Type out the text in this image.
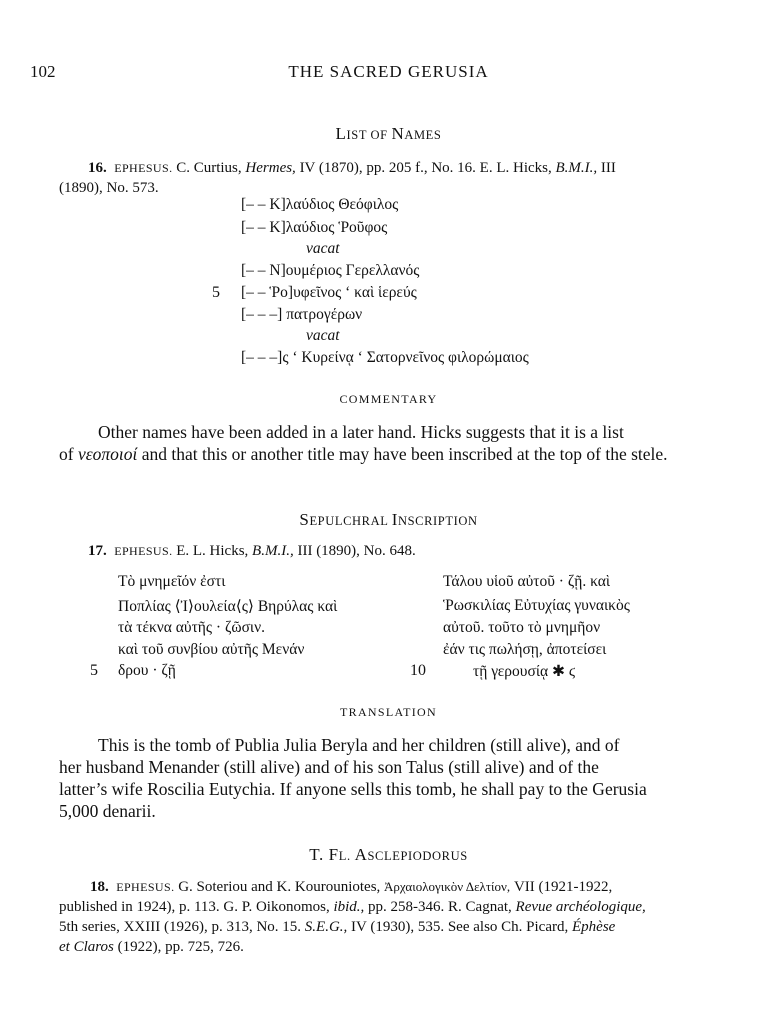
102	THE SACRED GERUSIA
LIST OF NAMES
16. EPHESUS. C. Curtius, Hermes, IV (1870), pp. 205 f., No. 16. E. L. Hicks, B.M.I., III
(1890), No. 573.
[– – Κ]λαύδιος Θεόφιλος
[– – Κ]λαύδιος Ῥοῦφος
vacat
[– – Ν]ουμέριος Γερελλανός
5 [– – Ῥο]υφεῖνος ‘ καὶ ἱερεύς
[– – –] πατρογέρων
vacat
[– – –]ς ‘ Κυρείνᾳ ‘ Σατορνεῖνος φιλορώμαιος
COMMENTARY
Other names have been added in a later hand. Hicks suggests that it is a list
of νεοποιοί and that this or another title may have been inscribed at the top of the stele.
SEPULCHRAL INSCRIPTION
17. EPHESUS. E. L. Hicks, B.M.I., III (1890), No. 648.
Τὸ μνημεῖόν ἐστι
Ποπλίας ⟨Ἰ⟩ουλεία⟨ς⟩ Βηρύλας καὶ
τὰ τέκνα αὐτῆς · ζῶσιν.
καὶ τοῦ συνβίου αὐτῆς Μενάν
5 δρου · ζῇ
Τάλου υἱοῦ αὐτοῦ · ζῇ. καὶ
Ῥωσκιλίας Εὐτυχίας γυναικὸς
αὐτοῦ. τοῦτο τὸ μνημῆον
ἐάν τις πωλήσῃ, ἀποτείσει
10	τῇ γερουσίᾳ ✱ ϛ
TRANSLATION
This is the tomb of Publia Julia Beryla and her children (still alive), and of
her husband Menander (still alive) and of his son Talus (still alive) and of the
latter’s wife Roscilia Eutychia. If anyone sells this tomb, he shall pay to the Gerusia
5,000 denarii.
T. FL. ASCLEPIODORUS
18. EPHESUS. G. Soteriou and K. Kourouniotes, Ἀρχαιολογικὸν Δελτίον, VII (1921-1922,
published in 1924), p. 113. G. P. Oikonomos, ibid., pp. 258-346. R. Cagnat, Revue archéologique,
5th series, XXIII (1926), p. 313, No. 15. S.E.G., IV (1930), 535. See also Ch. Picard, Éphèse
et Claros (1922), pp. 725, 726.
